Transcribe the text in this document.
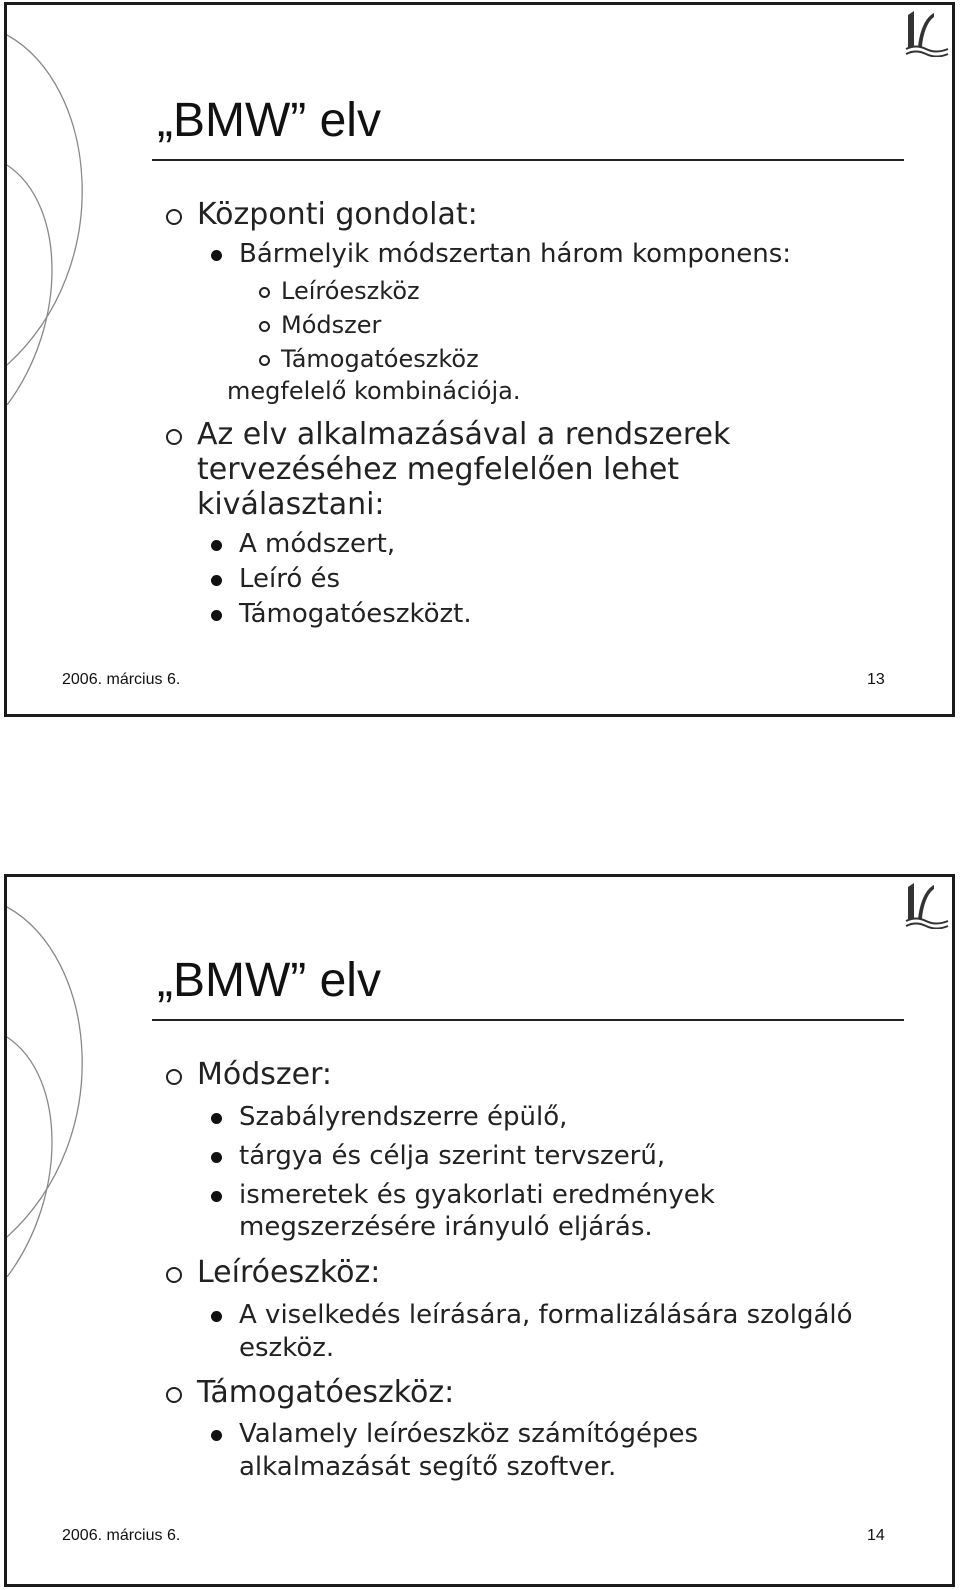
„BMW” elv
Központi gondolat:
Bármelyik módszertan három komponens:
Leíróeszköz
Módszer
Támogatóeszköz
megfelelő kombinációja.
Az elv alkalmazásával a rendszerek
tervezéséhez megfelelően lehet
kiválasztani:
A módszert,
Leíró és
Támogatóeszközt.
2006. március 6.	13
„BMW” elv
Módszer:
Szabályrendszerre épülő,
tárgya és célja szerint tervszerű,
ismeretek és gyakorlati eredmények
megszerzésére irányuló eljárás.
Leíróeszköz:
A viselkedés leírására, formalizálására szolgáló
eszköz.
Támogatóeszköz:
Valamely leíróeszköz számítógépes
alkalmazását segítő szoftver.
2006. március 6.	14
